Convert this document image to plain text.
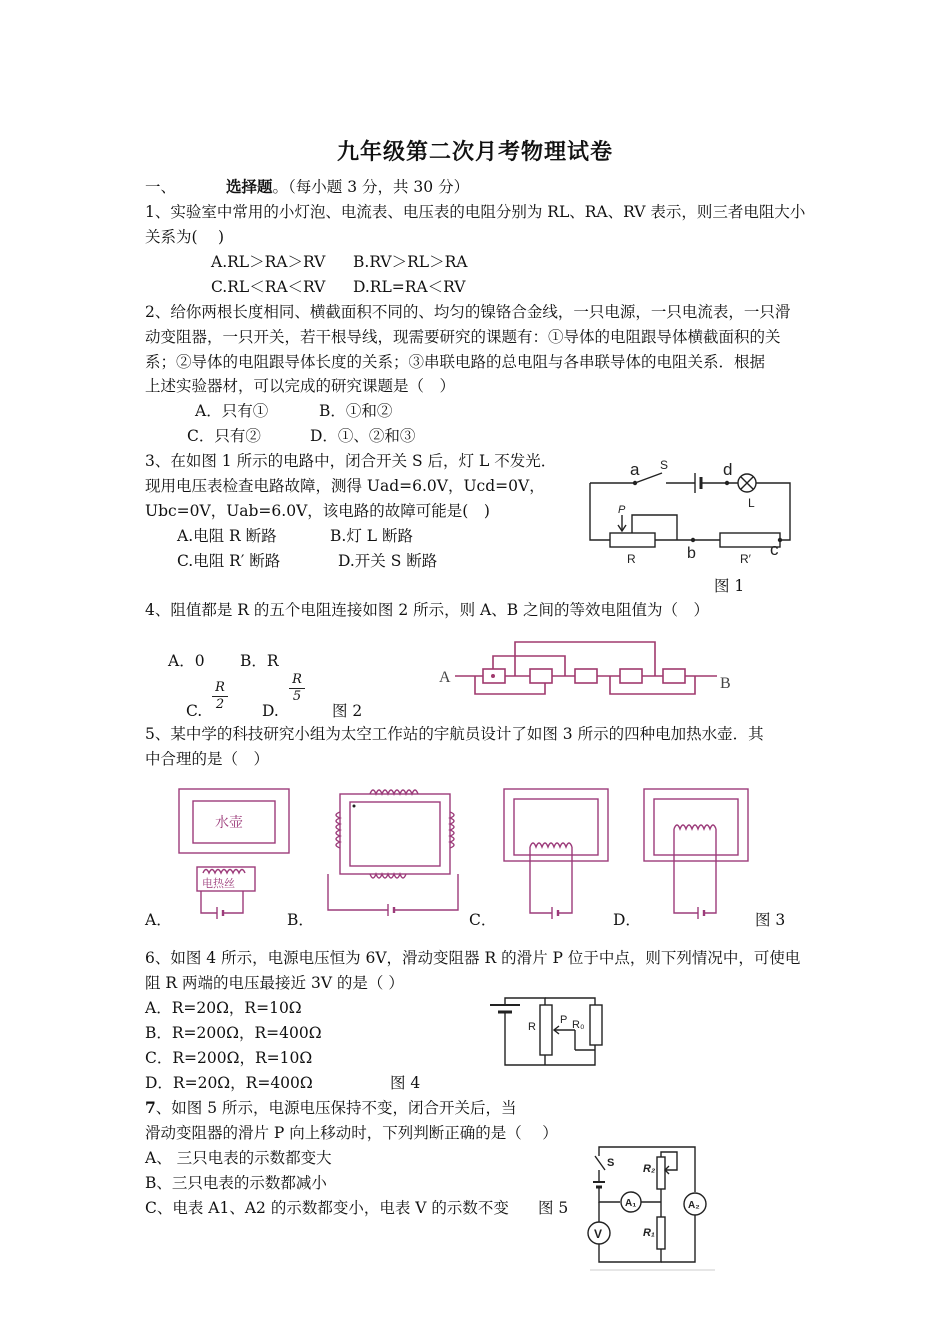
九年级第二次月考物理试卷
一、	选择题。（每小题 3 分，共 30 分）
1、实验室中常用的小灯泡、电流表、电压表的电阻分别为 RL、RA、RV 表示，则三者电阻大小
关系为(　 )
A.RL＞RA＞RV B.RV＞RL＞RA
C.RL＜RA＜RV D.RL=RA＜RV
2、给你两根长度相同、横截面积不同的、均匀的镍铬合金线，一只电源，一只电流表，一只滑
动变阻器，一只开关，若干根导线，现需要研究的课题有：①导体的电阻跟导体横截面积的关
系；②导体的电阻跟导体长度的关系；③串联电路的总电阻与各串联导体的电阻关系．根据
上述实验器材，可以完成的研究课题是（　）
A．只有①	B．①和②
C．只有②	D．①、②和③
3、在如图 1 所示的电路中，闭合开关 S 后，灯 L 不发光．
现用电压表检查电路故障，测得 Uad=6.0V，Ucd=0V，
Ubc=0V，Uab=6.0V，该电路的故障可能是(　)
A.电阻 R 断路	B.灯 L 断路
C.电阻 R′ 断路	D.开关 S 断路
a S	d
L
P
R	b	R′ c
图 1
4、阻值都是 R 的五个电阻连接如图 2 所示，则 A、B 之间的等效电阻值为（　）
A．0 B．R
C.
R
2 D.
R
5
图 2
A	B
5、某中学的科技研究小组为太空工作站的宇航员设计了如图 3 所示的四种电加热水壶．其
中合理的是（　）
水壶
电热丝
A．	B．	C．	D．	图 3
6、如图 4 所示，电源电压恒为 6V，滑动变阻器 R 的滑片 P 位于中点，则下列情况中，可使电
阻 R 两端的电压最接近 3V 的是（ ）
A．R=20Ω，R=10Ω
B．R=200Ω，R=400Ω
C．R=200Ω，R=10Ω
D．R=20Ω，R=400Ω	图 4
R
P R₀
7、如图 5 所示，电源电压保持不变，闭合开关后，当
滑动变阻器的滑片 P 向上移动时，下列判断正确的是（　 ）
A、 三只电表的示数都变大
B、三只电表的示数都减小
C、电表 A1、A2 的示数都变小，电表 V 的示数不变 图 5
S	R₂
A₁	A₂
V	R₁
